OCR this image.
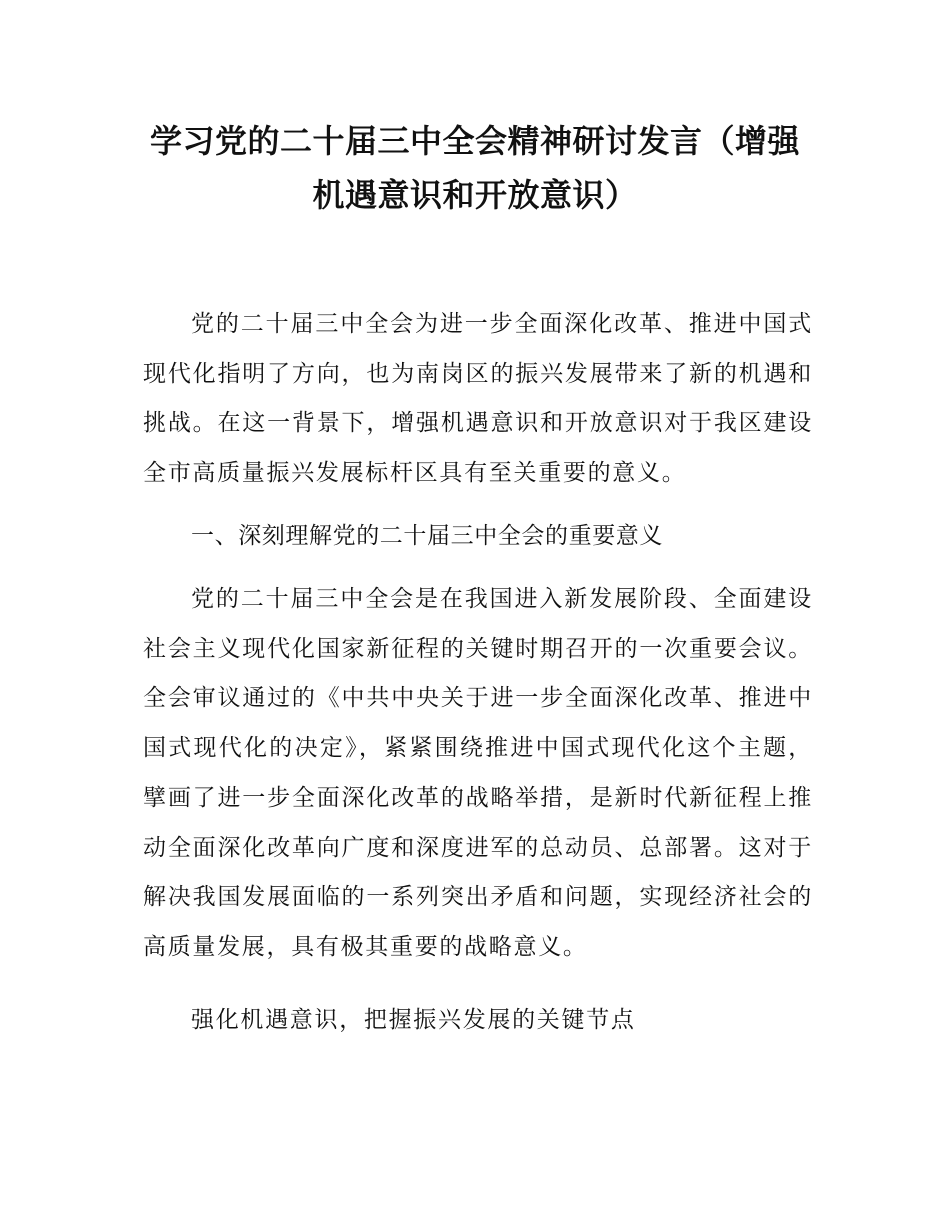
学习党的二十届三中全会精神研讨发言（增强机遇意识和开放意识）

党的二十届三中全会为进一步全面深化改革、推进中国式现代化指明了方向，也为南岗区的振兴发展带来了新的机遇和挑战。在这一背景下，增强机遇意识和开放意识对于我区建设全市高质量振兴发展标杆区具有至关重要的意义。

一、深刻理解党的二十届三中全会的重要意义

党的二十届三中全会是在我国进入新发展阶段、全面建设社会主义现代化国家新征程的关键时期召开的一次重要会议。全会审议通过的《中共中央关于进一步全面深化改革、推进中国式现代化的决定》，紧紧围绕推进中国式现代化这个主题，擘画了进一步全面深化改革的战略举措，是新时代新征程上推动全面深化改革向广度和深度进军的总动员、总部署。这对于解决我国发展面临的一系列突出矛盾和问题，实现经济社会的高质量发展，具有极其重要的战略意义。

强化机遇意识，把握振兴发展的关键节点
